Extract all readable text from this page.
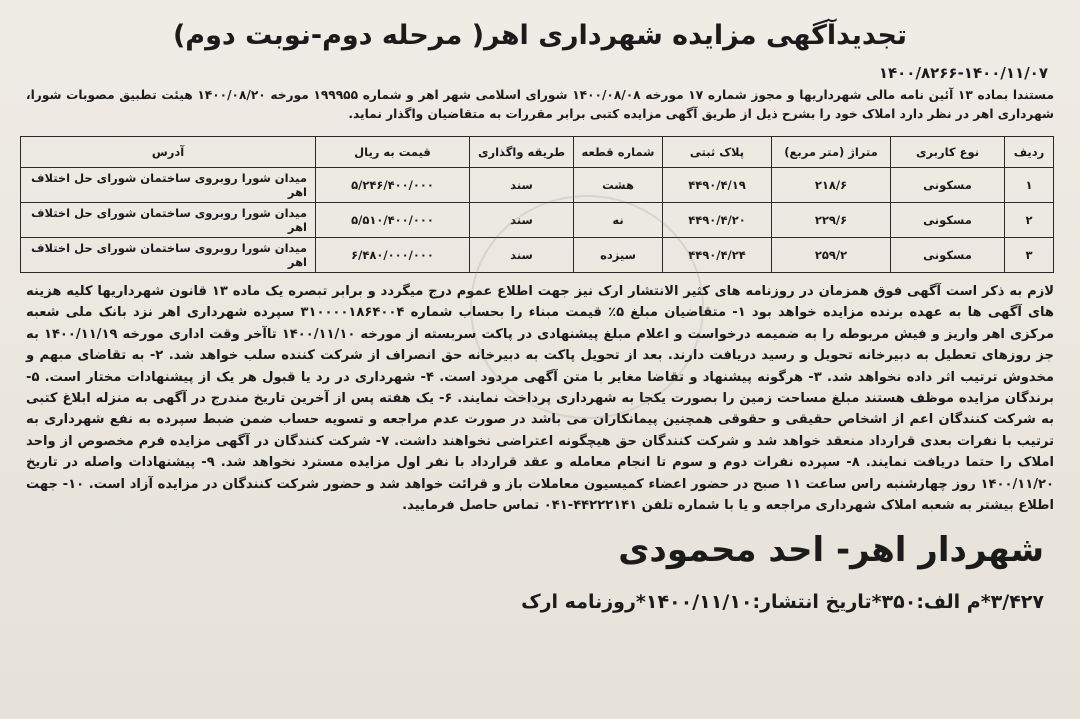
تجدیدآگهی مزایده شهرداری اهر( مرحله دوم-نوبت دوم)
۱۴۰۰/۸۲۶۶-۱۴۰۰/۱۱/۰۷
مستندا بماده ۱۳ آئین نامه مالی شهرداریها و مجوز شماره ۱۷ مورخه ۱۴۰۰/۰۸/۰۸ شورای اسلامی شهر اهر و شماره ۱۹۹۹۵۵ مورخه ۱۴۰۰/۰۸/۲۰ هیئت تطبیق مصوبات شورا، شهرداری اهر در نظر دارد املاک خود را بشرح ذیل از طریق آگهی مزایده کتبی برابر مقررات به متقاضیان واگذار نماید.
ردیف	نوع کاربری	متراژ (متر مربع)	پلاک ثبتی	شماره قطعه	طریقه واگذاری	قیمت به ریال	آدرس
۱	مسکونی	۲۱۸/۶	۴۴۹۰/۴/۱۹	هشت	سند	۵/۲۴۶/۴۰۰/۰۰۰	میدان شورا روبروی ساختمان شورای حل اختلاف اهر
۲	مسکونی	۲۲۹/۶	۴۴۹۰/۴/۲۰	نه	سند	۵/۵۱۰/۴۰۰/۰۰۰	میدان شورا روبروی ساختمان شورای حل اختلاف اهر
۳	مسکونی	۲۵۹/۲	۴۴۹۰/۴/۲۴	سیزده	سند	۶/۴۸۰/۰۰۰/۰۰۰	میدان شورا روبروی ساختمان شورای حل اختلاف اهر
لازم به ذکر است آگهی فوق همزمان در روزنامه های کثیر الانتشار ارک نیز جهت اطلاع عموم درج میگردد و برابر تبصره یک ماده ۱۳ قانون شهرداریها کلیه هزینه های آگهی ها به عهده برنده مزایده خواهد بود ۱- متقاضیان مبلغ ۵٪ قیمت مبناء را بحساب شماره ۳۱۰۰۰۰۱۸۶۴۰۰۴ سپرده شهرداری اهر نزد بانک ملی شعبه مرکزی اهر واریز و فیش مربوطه را به ضمیمه درخواست و اعلام مبلغ پیشنهادی در پاکت سربسته از مورخه ۱۴۰۰/۱۱/۱۰ تاآخر وقت اداری مورخه ۱۴۰۰/۱۱/۱۹ به جز روزهای تعطیل به دبیرخانه تحویل و رسید دریافت دارند. بعد از تحویل پاکت به دبیرخانه حق انصراف از شرکت کننده سلب خواهد شد. ۲- به تقاضای مبهم و مخدوش ترتیب اثر داده نخواهد شد. ۳- هرگونه پیشنهاد و تقاضا مغایر با متن آگهی مردود است. ۴- شهرداری در رد یا قبول هر یک از پیشنهادات مختار است. ۵- برندگان مزایده موظف هستند مبلغ مساحت زمین را بصورت یکجا به شهرداری پرداخت نمایند. ۶- یک هفته پس از آخرین تاریخ مندرج در آگهی به منزله ابلاغ کتبی به شرکت کنندگان اعم از اشخاص حقیقی و حقوقی همچنین پیمانکاران می باشد در صورت عدم مراجعه و تسویه حساب ضمن ضبط سپرده به نفع شهرداری به ترتیب با نفرات بعدی قرارداد منعقد خواهد شد و شرکت کنندگان حق هیچگونه اعتراضی نخواهند داشت. ۷- شرکت کنندگان در آگهی مزایده فرم مخصوص از واحد املاک را حتما دریافت نمایند. ۸- سپرده نفرات دوم و سوم تا انجام معامله و عقد قرارداد با نفر اول مزایده مسترد نخواهد شد. ۹- پیشنهادات واصله در تاریخ ۱۴۰۰/۱۱/۲۰ روز چهارشنبه راس ساعت ۱۱ صبح در حضور اعضاء کمیسیون معاملات باز و قرائت خواهد شد و حضور شرکت کنندگان در مزایده آزاد است. ۱۰- جهت اطلاع بیشتر به شعبه املاک شهرداری مراجعه و یا با شماره تلفن ۴۴۲۲۲۱۴۱-۰۴۱ تماس حاصل فرمایید.
شهردار اهر- احد محمودی
۳/۴۲۷*م الف:۳۵۰*تاریخ انتشار:۱۴۰۰/۱۱/۱۰*روزنامه ارک
